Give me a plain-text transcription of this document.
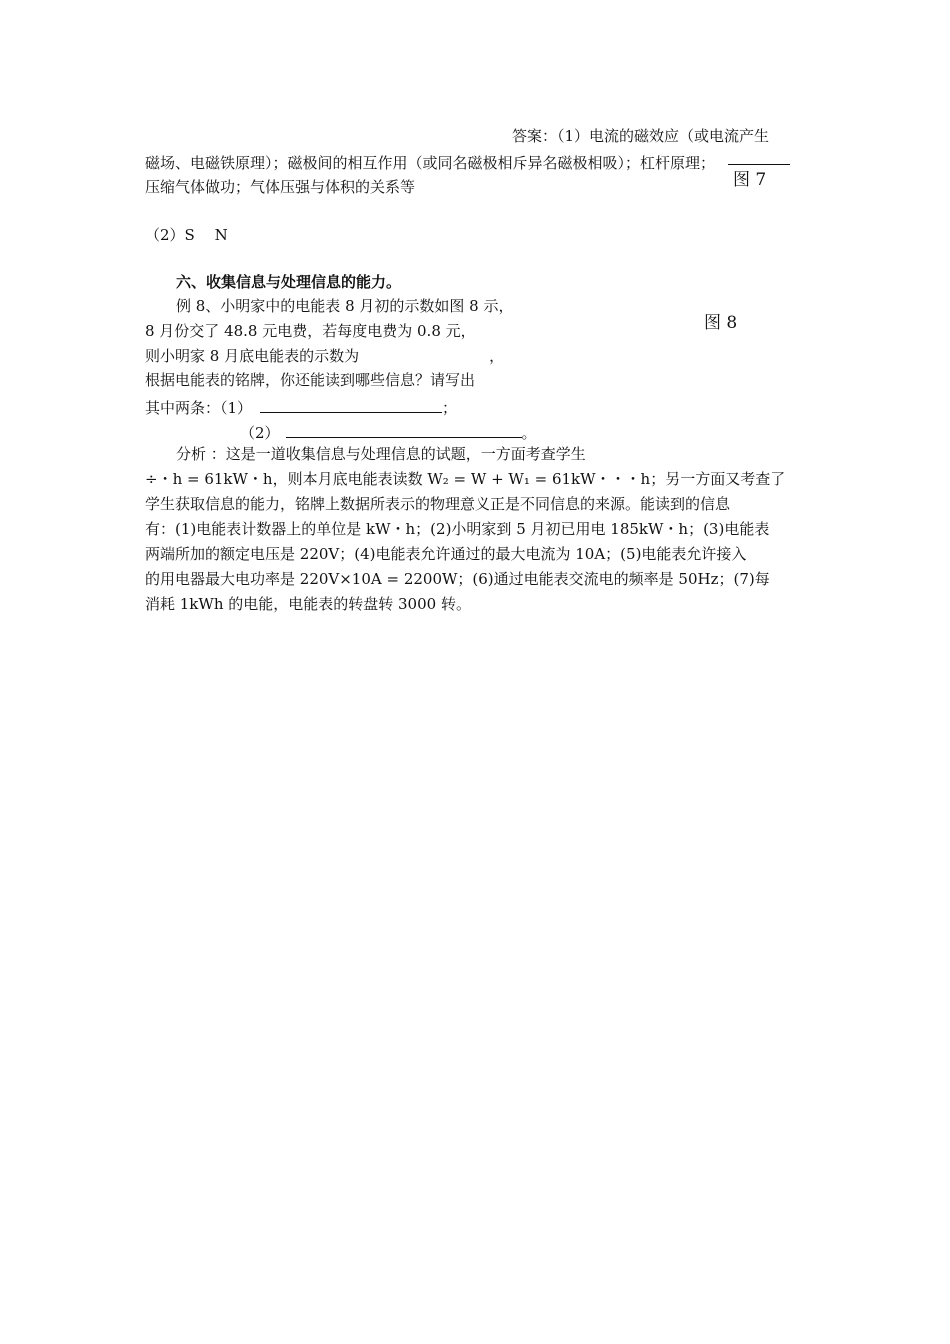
答案：（1）电流的磁效应（或电流产生
磁场、电磁铁原理）；磁极间的相互作用（或同名磁极相斥异名磁极相吸）；杠杆原理；
图 7
压缩气体做功；气体压强与体积的关系等
（2）S　 N
六、收集信息与处理信息的能力。
例 8、小明家中的电能表 8 月初的示数如图 8 示，
图 8
8 月份交了 48.8 元电费，若每度电费为 0.8 元，
则小明家 8 月底电能表的示数为	，
根据电能表的铭牌，你还能读到哪些信息？请写出
其中两条：（1）	；
（2）	。
分析 ：这是一道收集信息与处理信息的试题，一方面考查学生
÷・h = 61kW・h，则本月底电能表读数 W₂ = W + W₁ = 61kW・・・h；另一方面又考查了
学生获取信息的能力，铭牌上数据所表示的物理意义正是不同信息的来源。能读到的信息
有：(1)电能表计数器上的单位是 kW・h；(2)小明家到 5 月初已用电 185kW・h；(3)电能表
两端所加的额定电压是 220V；(4)电能表允许通过的最大电流为 10A；(5)电能表允许接入
的用电器最大电功率是 220V×10A = 2200W；(6)通过电能表交流电的频率是 50Hz；(7)每
消耗 1kWh 的电能，电能表的转盘转 3000 转。
